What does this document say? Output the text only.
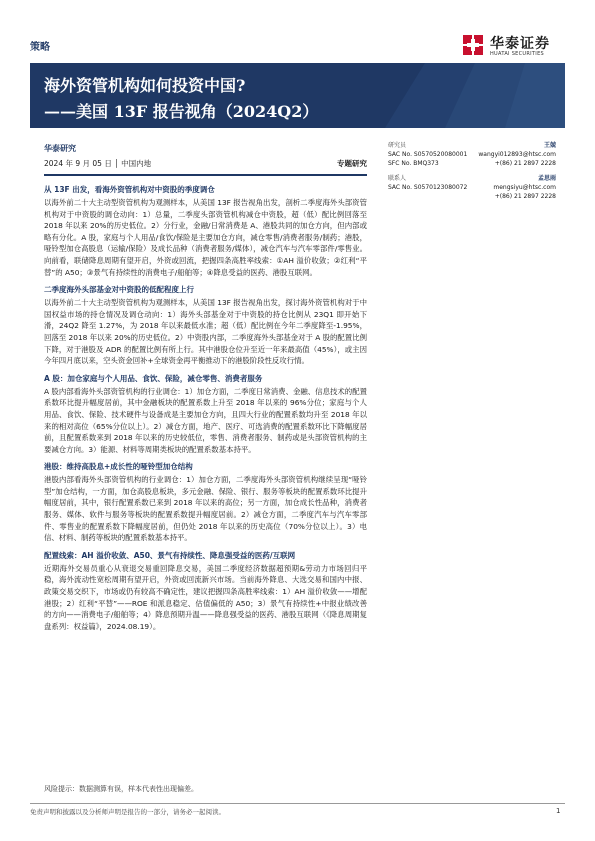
策略	华泰证券
HUATAI SECURITIES
海外资管机构如何投资中国?
——美国 13F 报告视角（2024Q2）
华泰研究
2024 年 9 月 05 日 │ 中国内地	专题研究
研究员	王兢
SAC No. S0570520080001 wangyi012893@htsc.com
SFC No. BMQ373	+(86) 21 2897 2228
联系人	孟思雨
SAC No. S0570123080072	mengsiyu@htsc.com
+(86) 21 2897 2228
从 13F 出发，看海外资管机构对中资股的季度调仓

以海外前二十大主动型资管机构为观测样本，从美国 13F 报告视角出发，剖析二季度海外头部资管机构对于中资股的调仓动向：1）总量，二季度头部资管机构减仓中资股，超（低）配比例回落至 2018 年以来 20%的历史低位。2）分行业，金融/日常消费是 A、港股共同的加仓方向，但内部或略有分化。A 股，家庭与个人用品/食饮/保险是主要加仓方向，减仓零售/消费者服务/制药；港股，哑铃型加仓高股息（运输/保险）及成长品种（消费者服务/媒体），减仓汽车与汽车零部件/零售业。向前看，联储降息周期有望开启，外资或回流，把握四条高胜率线索：①AH 溢价收敛；②红利“平替”的 A50；③景气有持续性的消费电子/船舶等；④降息受益的医药、港股互联网。

二季度海外头部基金对中资股的低配程度上行

以海外前二十大主动型资管机构为观测样本，从美国 13F 报告视角出发，探讨海外资管机构对于中国权益市场的持仓情况及调仓动向：1）海外头部基金对于中资股的持仓比例从 23Q1 即开始下滑，24Q2 降至 1.27%，为 2018 年以来最低水准；超（低）配比例在今年二季度降至-1.95%，回落至 2018 年以来 20%的历史低位。2）中资股内部，二季度海外头部基金对于 A 股的配置比例下降，对于港股及 ADR 的配置比例有所上行。其中港股仓位升至近一年来最高值（45%），或主因今年四月底以来，空头资金回补+全球资金再平衡推动下的港股阶段性反攻行情。

A 股：加仓家庭与个人用品、食饮、保险，减仓零售、消费者服务

A 股内部看海外头部资管机构的行业调仓：1）加仓方面，二季度日常消费、金融、信息技术的配置系数环比提升幅度居前，其中金融板块的配置系数上升至 2018 年以来的 96%分位；家庭与个人用品、食饮、保险、技术硬件与设备成是主要加仓方向，且四大行业的配置系数均升至 2018 年以来的相对高位（65%分位以上）。2）减仓方面，地产、医疗、可选消费的配置系数环比下降幅度居前，且配置系数来到 2018 年以来的历史较低位，零售、消费者服务、制药或是头部资管机构的主要减仓方向。3）能源、材料等周期类板块的配置系数基本持平。

港股：维持高股息+成长性的哑铃型加仓结构

港股内部看海外头部资管机构的行业调仓：1）加仓方面，二季度海外头部资管机构继续呈现“哑铃型”加仓结构，一方面，加仓高股息板块，多元金融、保险、银行、服务等板块的配置系数环比提升幅度居前，其中，银行配置系数已来到 2018 年以来的高位；另一方面，加仓成长性品种，消费者服务、媒体、软件与服务等板块的配置系数提升幅度居前。2）减仓方面，二季度汽车与汽车零部件、零售业的配置系数下降幅度居前，但仍处 2018 年以来的历史高位（70%分位以上）。3）电信、材料、制药等板块的配置系数基本持平。

配置线索：AH 溢价收敛、A50、景气有持续性、降息强受益的医药/互联网

近期海外交易员重心从衰退交易重回降息交易，美国二季度经济数据超预期&劳动力市场回归平稳，海外流动性宽松周期有望开启，外资或回流新兴市场。当前海外降息、大选交易和国内中报、政策交易交织下，市场或仍有较高不确定性，建议把握四条高胜率线索：1）AH 溢价收敛——增配港股；2）红利“平替”——ROE 和派息稳定、估值偏低的 A50；3）景气有持续性+中报业绩改善的方向——消费电子/船舶等；4）降息预期升温——降息强受益的医药、港股互联网（《降息周期复盘系列：权益篇》，2024.08.19）。

风险提示：数据测算有误，样本代表性出现偏差。
免责声明和披露以及分析师声明是报告的一部分，请务必一起阅读。	1
